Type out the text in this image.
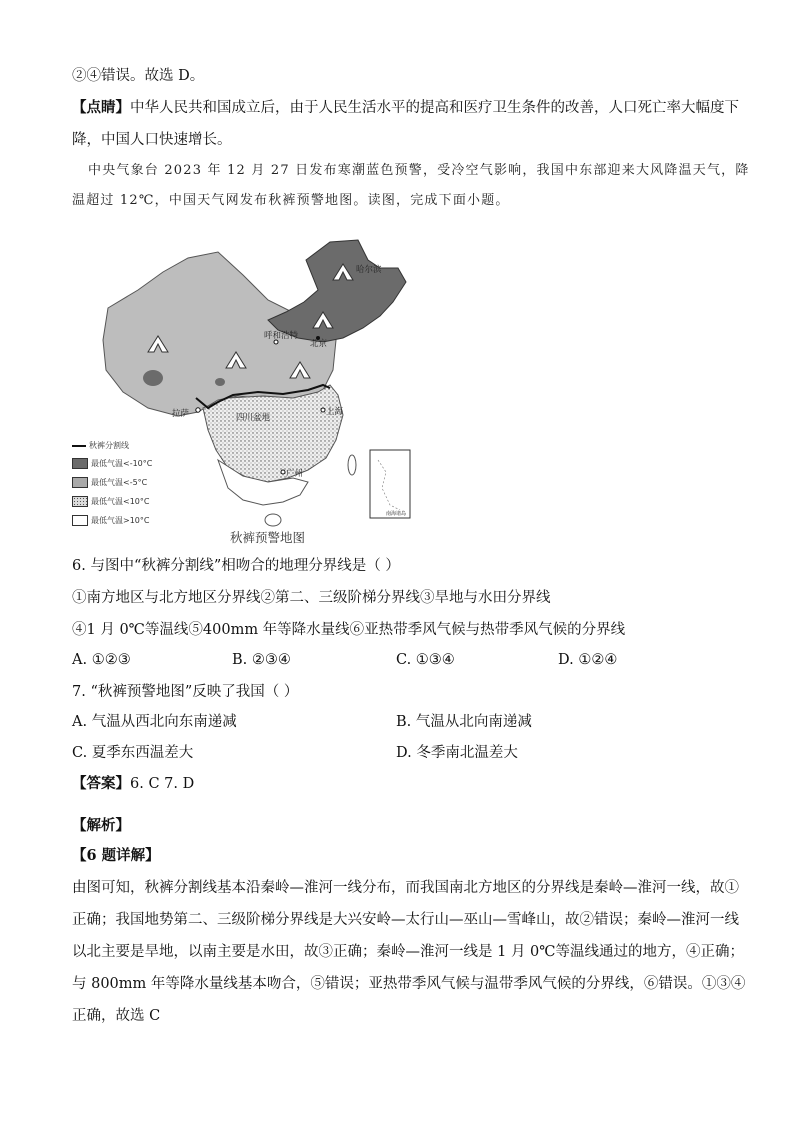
②④错误。故选 D。
【点睛】中华人民共和国成立后，由于人民生活水平的提高和医疗卫生条件的改善，人口死亡率大幅度下
降，中国人口快速增长。
中央气象台 2023 年 12 月 27 日发布寒潮蓝色预警，受冷空气影响，我国中东部迎来大风降温天气，降
温超过 12℃，中国天气网发布秋裤预警地图。读图，完成下面小题。
哈尔滨
呼和浩特
北京
拉萨	四川盆地
上海
广州
南海诸岛
秋裤分割线
最低气温<-10°C
最低气温<-5°C
最低气温<10°C
最低气温>10°C
秋裤预警地图
6. 与图中“秋裤分割线”相吻合的地理分界线是（ ）
①南方地区与北方地区分界线②第二、三级阶梯分界线③旱地与水田分界线
④1 月 0℃等温线⑤400mm 年等降水量线⑥亚热带季风气候与热带季风气候的分界线
A. ①②③	B. ②③④	C. ①③④	D. ①②④
7. “秋裤预警地图”反映了我国（ ）
A. 气温从西北向东南递减	B. 气温从北向南递减
C. 夏季东西温差大	D. 冬季南北温差大
【答案】6. C 7. D
【解析】
【6 题详解】
由图可知，秋裤分割线基本沿秦岭—淮河一线分布，而我国南北方地区的分界线是秦岭—淮河一线，故①
正确；我国地势第二、三级阶梯分界线是大兴安岭—太行山—巫山—雪峰山，故②错误；秦岭—淮河一线
以北主要是旱地，以南主要是水田，故③正确；秦岭—淮河一线是 1 月 0℃等温线通过的地方，④正确；
与 800mm 年等降水量线基本吻合，⑤错误；亚热带季风气候与温带季风气候的分界线，⑥错误。①③④
正确，故选 C
